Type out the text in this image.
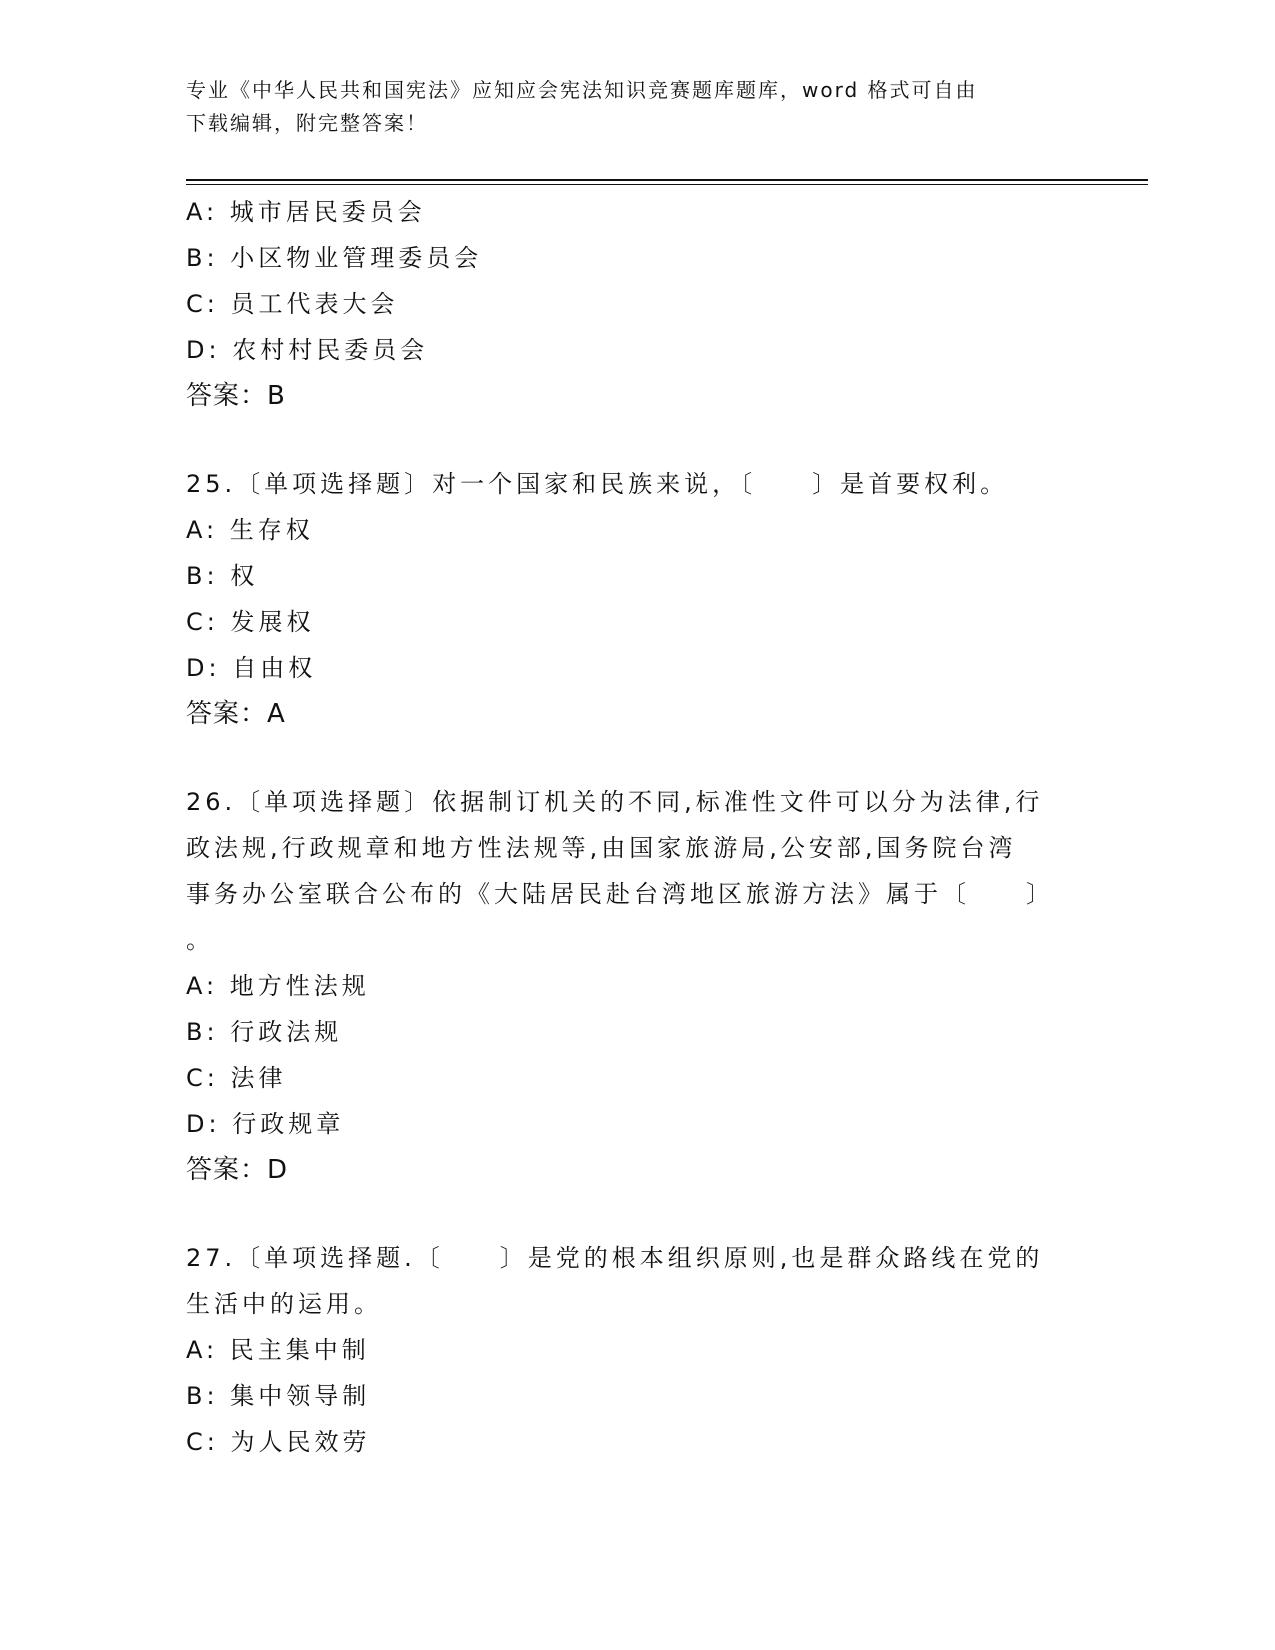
专业《中华人民共和国宪法》应知应会宪法知识竞赛题库题库，word 格式可自由
下载编辑，附完整答案！
A: 城市居民委员会
B: 小区物业管理委员会
C: 员工代表大会
D: 农村村民委员会
答案：B
25.〔单项选择题〕对一个国家和民族来说，〔　　〕是首要权利。
A: 生存权
B: 权
C: 发展权
D: 自由权
答案：A
26.〔单项选择题〕依据制订机关的不同,标准性文件可以分为法律,行
政法规,行政规章和地方性法规等,由国家旅游局,公安部,国务院台湾
事务办公室联合公布的《大陆居民赴台湾地区旅游方法》属于〔　　〕
。
A: 地方性法规
B: 行政法规
C: 法律
D: 行政规章
答案：D
27.〔单项选择题.〔　　〕是党的根本组织原则,也是群众路线在党的
生活中的运用。
A: 民主集中制
B: 集中领导制
C: 为人民效劳
